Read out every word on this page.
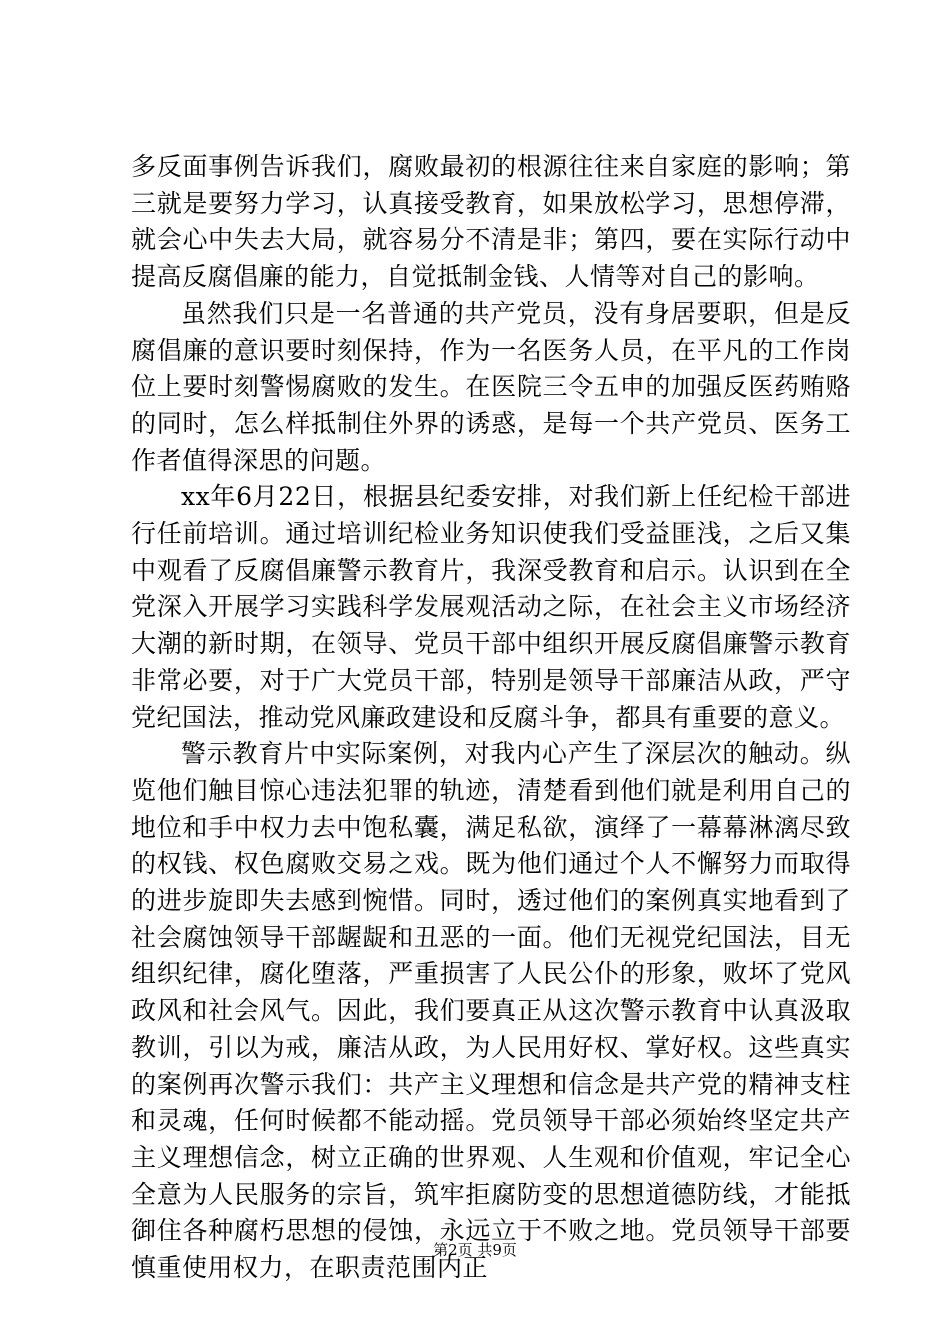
多反面事例告诉我们，腐败最初的根源往往来自家庭的影响；第三就是要努力学习，认真接受教育，如果放松学习，思想停滞，就会心中失去大局，就容易分不清是非；第四，要在实际行动中提高反腐倡廉的能力，自觉抵制金钱、人情等对自己的影响。

虽然我们只是一名普通的共产党员，没有身居要职，但是反腐倡廉的意识要时刻保持，作为一名医务人员，在平凡的工作岗位上要时刻警惕腐败的发生。在医院三令五申的加强反医药贿赂的同时，怎么样抵制住外界的诱惑，是每一个共产党员、医务工作者值得深思的问题。

xx年6月22日，根据县纪委安排，对我们新上任纪检干部进行任前培训。通过培训纪检业务知识使我们受益匪浅，之后又集中观看了反腐倡廉警示教育片，我深受教育和启示。认识到在全党深入开展学习实践科学发展观活动之际，在社会主义市场经济大潮的新时期，在领导、党员干部中组织开展反腐倡廉警示教育非常必要，对于广大党员干部，特别是领导干部廉洁从政，严守党纪国法，推动党风廉政建设和反腐斗争，都具有重要的意义。

警示教育片中实际案例，对我内心产生了深层次的触动。纵览他们触目惊心违法犯罪的轨迹，清楚看到他们就是利用自己的地位和手中权力去中饱私囊，满足私欲，演绎了一幕幕淋漓尽致的权钱、权色腐败交易之戏。既为他们通过个人不懈努力而取得的进步旋即失去感到惋惜。同时，透过他们的案例真实地看到了社会腐蚀领导干部龌龊和丑恶的一面。他们无视党纪国法，目无组织纪律，腐化堕落，严重损害了人民公仆的形象，败坏了党风政风和社会风气。因此，我们要真正从这次警示教育中认真汲取教训，引以为戒，廉洁从政，为人民用好权、掌好权。这些真实的案例再次警示我们：共产主义理想和信念是共产党的精神支柱和灵魂，任何时候都不能动摇。党员领导干部必须始终坚定共产主义理想信念，树立正确的世界观、人生观和价值观，牢记全心全意为人民服务的宗旨，筑牢拒腐防变的思想道德防线，才能抵御住各种腐朽思想的侵蚀，永远立于不败之地。党员领导干部要慎重使用权力，在职责范围内正

第2页 共9页
